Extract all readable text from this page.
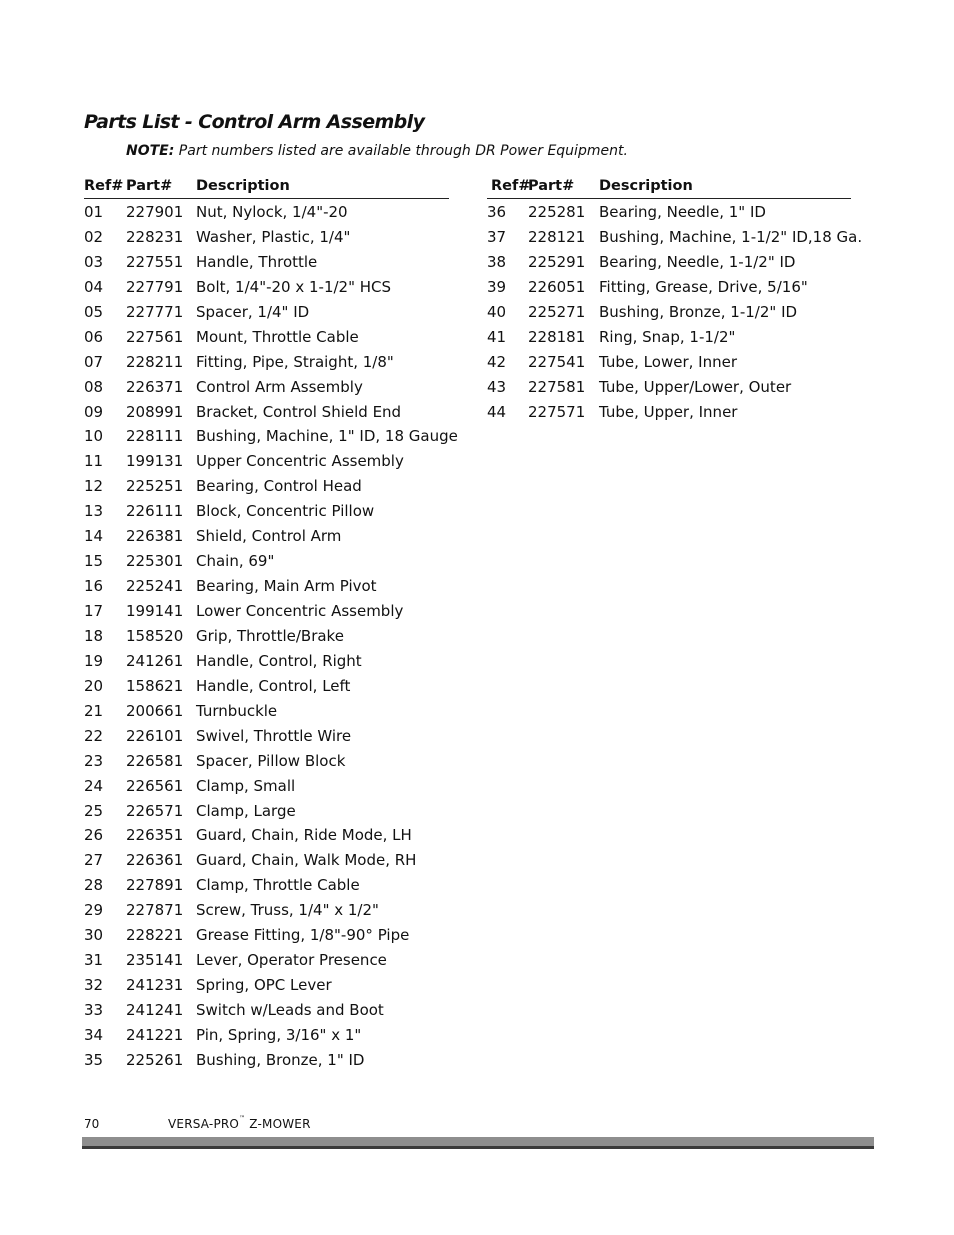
Parts List - Control Arm Assembly
NOTE: Part numbers listed are available through DR Power Equipment.
Ref# Part# Description
01 227901 Nut, Nylock, 1/4"-20
02 228231 Washer, Plastic, 1/4"
03 227551 Handle, Throttle
04 227791 Bolt, 1/4"-20 x 1-1/2" HCS
05 227771 Spacer, 1/4" ID
06 227561 Mount, Throttle Cable
07 228211 Fitting, Pipe, Straight, 1/8"
08 226371 Control Arm Assembly
09 208991 Bracket, Control Shield End
10 228111 Bushing, Machine, 1" ID, 18 Gauge
11 199131 Upper Concentric Assembly
12 225251 Bearing, Control Head
13 226111 Block, Concentric Pillow
14 226381 Shield, Control Arm
15 225301 Chain, 69"
16 225241 Bearing, Main Arm Pivot
17 199141 Lower Concentric Assembly
18 158520 Grip, Throttle/Brake
19 241261 Handle, Control, Right
20 158621 Handle, Control, Left
21 200661 Turnbuckle
22 226101 Swivel, Throttle Wire
23 226581 Spacer, Pillow Block
24 226561 Clamp, Small
25 226571 Clamp, Large
26 226351 Guard, Chain, Ride Mode, LH
27 226361 Guard, Chain, Walk Mode, RH
28 227891 Clamp, Throttle Cable
29 227871 Screw, Truss, 1/4" x 1/2"
30 228221 Grease Fitting, 1/8"-90° Pipe
31 235141 Lever, Operator Presence
32 241231 Spring, OPC Lever
33 241241 Switch w/Leads and Boot
34 241221 Pin, Spring, 3/16" x 1"
35 225261 Bushing, Bronze, 1" ID
Ref#
Part# Description
36 225281 Bearing, Needle, 1" ID
37 228121 Bushing, Machine, 1-1/2" ID,18 Ga.
38 225291 Bearing, Needle, 1-1/2" ID
39 226051 Fitting, Grease, Drive, 5/16"
40 225271 Bushing, Bronze, 1-1/2" ID
41 228181 Ring, Snap, 1-1/2"
42 227541 Tube, Lower, Inner
43 227581 Tube, Upper/Lower, Outer
44 227571 Tube, Upper, Inner
70	VERSA-PRO™ Z-MOWER
